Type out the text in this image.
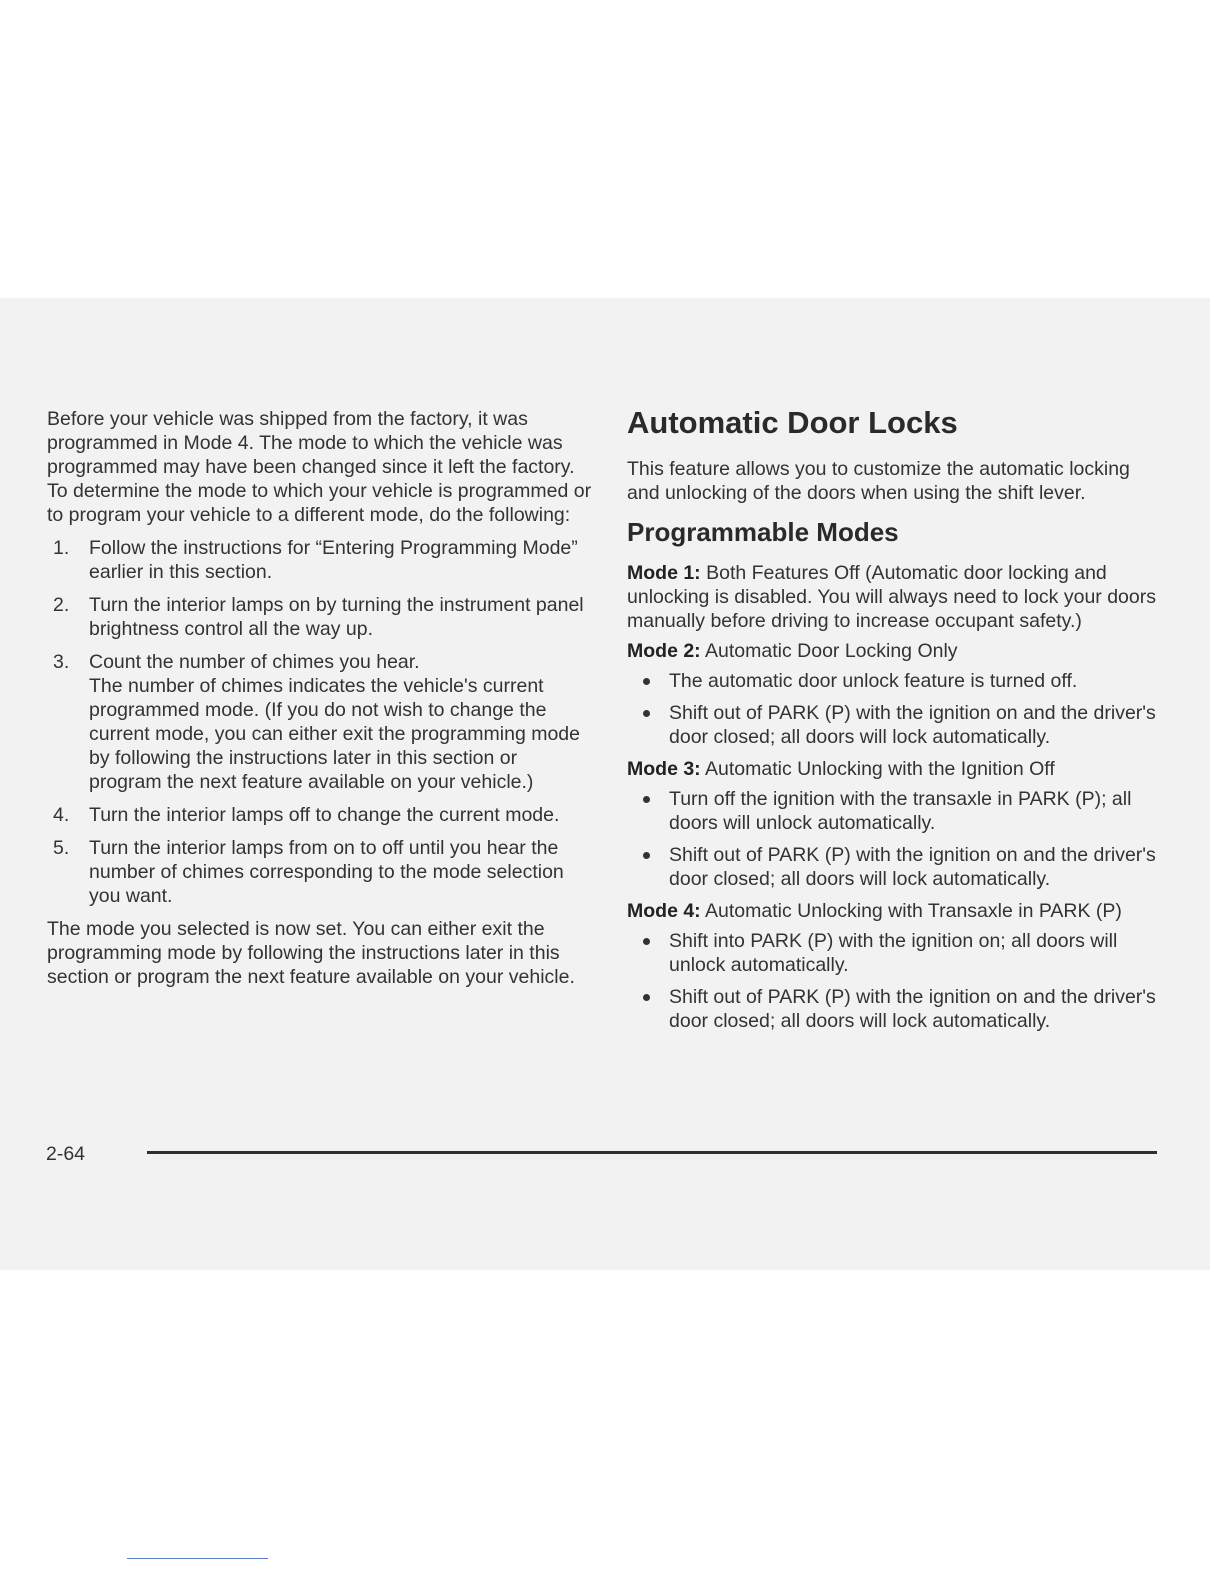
Before your vehicle was shipped from the factory, it was programmed in Mode 4. The mode to which the vehicle was programmed may have been changed since it left the factory. To determine the mode to which your vehicle is programmed or to program your vehicle to a different mode, do the following:

1. Follow the instructions for “Entering Programming Mode” earlier in this section.
2. Turn the interior lamps on by turning the instrument panel brightness control all the way up.
3. Count the number of chimes you hear.
The number of chimes indicates the vehicle's current programmed mode. (If you do not wish to change the current mode, you can either exit the programming mode by following the instructions later in this section or program the next feature available on your vehicle.)
4. Turn the interior lamps off to change the current mode.
5. Turn the interior lamps from on to off until you hear the number of chimes corresponding to the mode selection you want.

The mode you selected is now set. You can either exit the programming mode by following the instructions later in this section or program the next feature available on your vehicle.

Automatic Door Locks

This feature allows you to customize the automatic locking and unlocking of the doors when using the shift lever.

Programmable Modes

Mode 1: Both Features Off (Automatic door locking and unlocking is disabled. You will always need to lock your doors manually before driving to increase occupant safety.)

Mode 2: Automatic Door Locking Only

The automatic door unlock feature is turned off.
Shift out of PARK (P) with the ignition on and the driver's door closed; all doors will lock automatically.

Mode 3: Automatic Unlocking with the Ignition Off

Turn off the ignition with the transaxle in PARK (P); all doors will unlock automatically.
Shift out of PARK (P) with the ignition on and the driver's door closed; all doors will lock automatically.

Mode 4: Automatic Unlocking with Transaxle in PARK (P)

Shift into PARK (P) with the ignition on; all doors will unlock automatically.
Shift out of PARK (P) with the ignition on and the driver's door closed; all doors will lock automatically.
2-64
